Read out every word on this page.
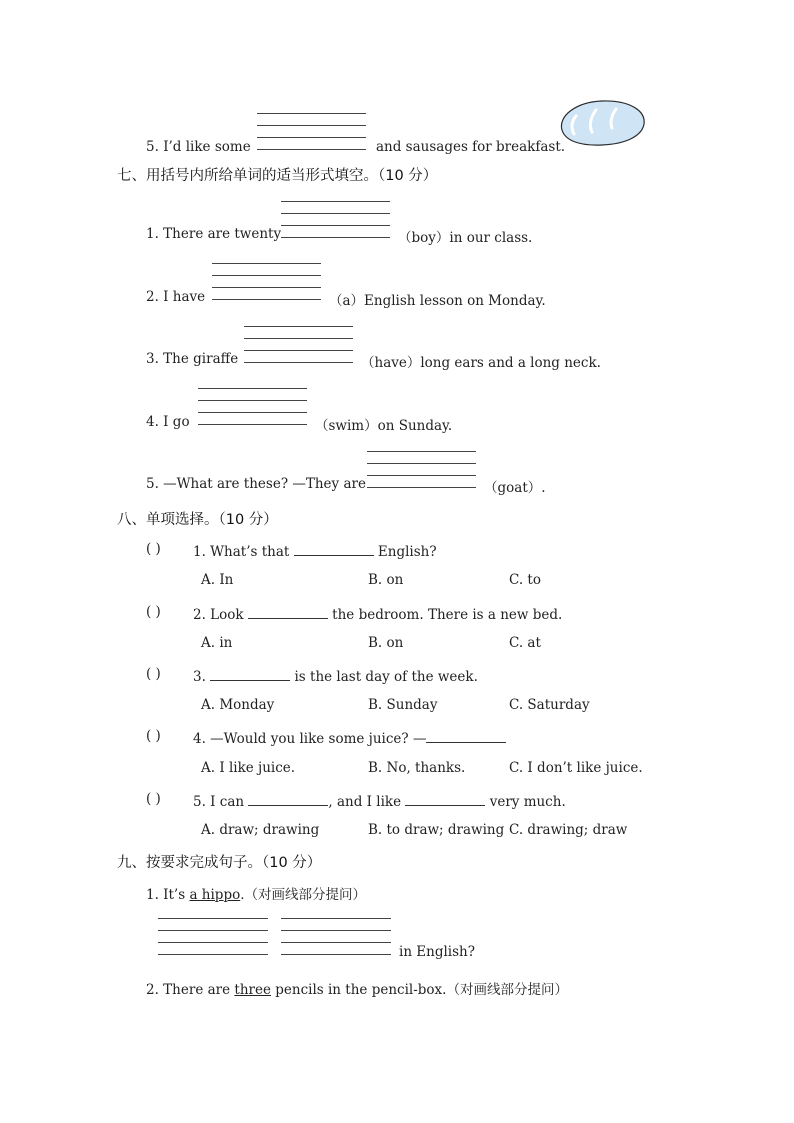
5. I’d like some	and sausages for breakfast.
七、用括号内所给单词的适当形式填空。（10 分）
1. There are twenty	（boy）in our class.
2. I have	（a）English lesson on Monday.
3. The giraffe	（have）long ears and a long neck.
4. I go	（swim）on Sunday.
5. —What are these? —They are	（goat）.
八、单项选择。（10 分）
( ) 1. What’s that	English?
A. In	B. on	C. to
( ) 2. Look	the bedroom. There is a new bed.
A. in	B. on	C. at
( ) 3.	is the last day of the week.
A. Monday	B. Sunday	C. Saturday
( ) 4. —Would you like some juice? —
A. I like juice.	B. No, thanks.	C. I don’t like juice.
( ) 5. I can	, and I like	very much.
A. draw; drawing	B. to draw; drawing C. drawing; draw
九、按要求完成句子。（10 分）
1. It’s a hippo.（对画线部分提问）
in English?
2. There are three pencils in the pencil-box.（对画线部分提问）
